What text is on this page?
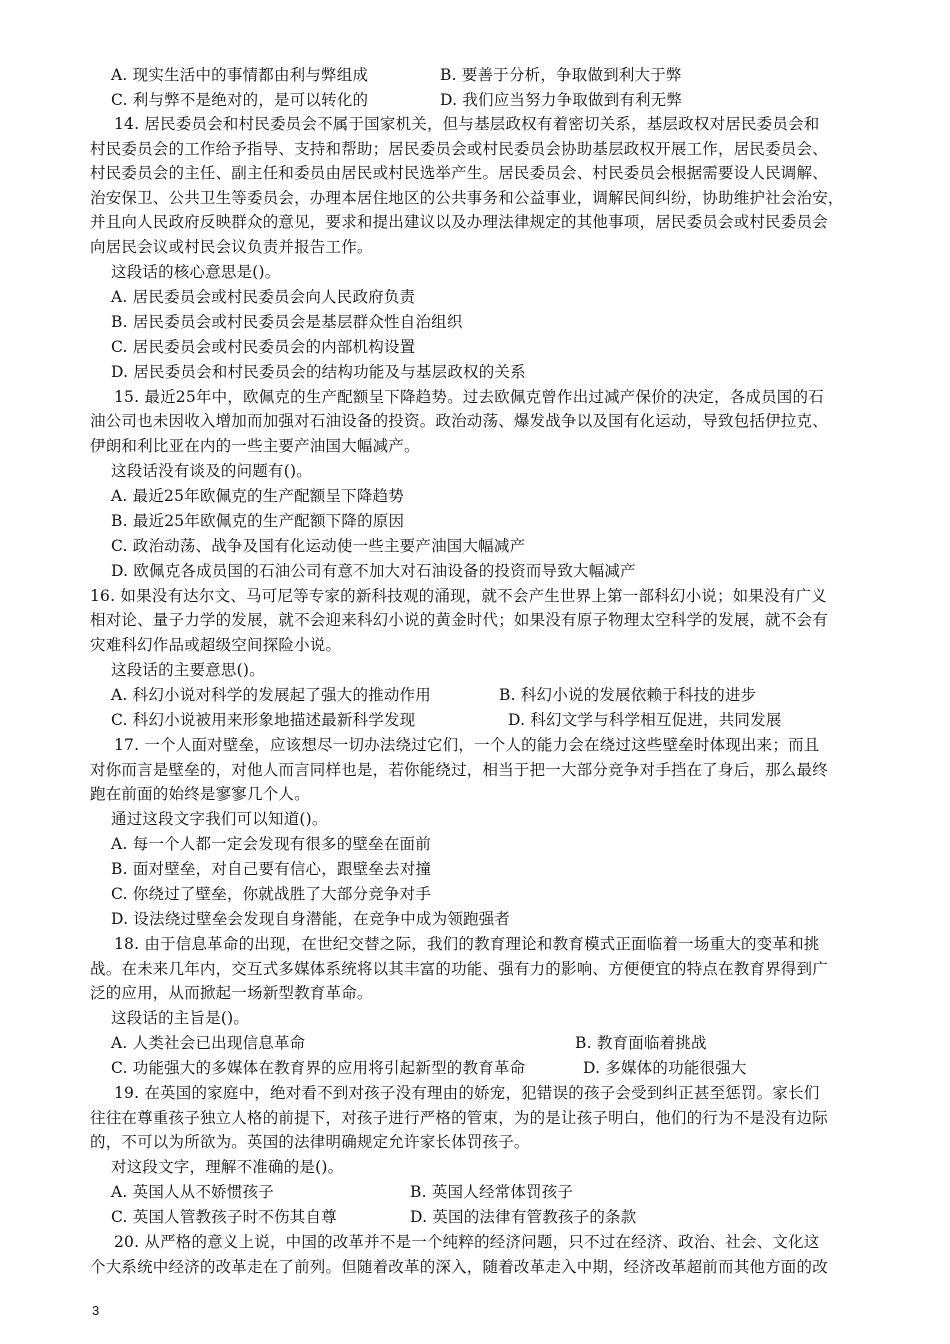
A. 现实生活中的事情都由利与弊组成	B. 要善于分析，争取做到利大于弊
C. 利与弊不是绝对的，是可以转化的	D. 我们应当努力争取做到有利无弊
14. 居民委员会和村民委员会不属于国家机关，但与基层政权有着密切关系，基层政权对居民委员会和
村民委员会的工作给予指导、支持和帮助；居民委员会或村民委员会协助基层政权开展工作，居民委员会、
村民委员会的主任、副主任和委员由居民或村民选举产生。居民委员会、村民委员会根据需要设人民调解、
治安保卫、公共卫生等委员会，办理本居住地区的公共事务和公益事业，调解民间纠纷，协助维护社会治安，
并且向人民政府反映群众的意见，要求和提出建议以及办理法律规定的其他事项，居民委员会或村民委员会
向居民会议或村民会议负责并报告工作。
这段话的核心意思是()。
A. 居民委员会或村民委员会向人民政府负责
B. 居民委员会或村民委员会是基层群众性自治组织
C. 居民委员会或村民委员会的内部机构设置
D. 居民委员会和村民委员会的结构功能及与基层政权的关系
15. 最近25年中，欧佩克的生产配额呈下降趋势。过去欧佩克曾作出过减产保价的决定，各成员国的石
油公司也未因收入增加而加强对石油设备的投资。政治动荡、爆发战争以及国有化运动，导致包括伊拉克、
伊朗和利比亚在内的一些主要产油国大幅减产。
这段话没有谈及的问题有()。
A. 最近25年欧佩克的生产配额呈下降趋势
B. 最近25年欧佩克的生产配额下降的原因
C. 政治动荡、战争及国有化运动使一些主要产油国大幅减产
D. 欧佩克各成员国的石油公司有意不加大对石油设备的投资而导致大幅减产
16. 如果没有达尔文、马可尼等专家的新科技观的涌现，就不会产生世界上第一部科幻小说；如果没有广义
相对论、量子力学的发展，就不会迎来科幻小说的黄金时代；如果没有原子物理太空科学的发展，就不会有
灾难科幻作品或超级空间探险小说。
这段话的主要意思()。
A. 科幻小说对科学的发展起了强大的推动作用	B. 科幻小说的发展依赖于科技的进步
C. 科幻小说被用来形象地描述最新科学发现	D. 科幻文学与科学相互促进，共同发展
17. 一个人面对壁垒，应该想尽一切办法绕过它们，一个人的能力会在绕过这些壁垒时体现出来；而且
对你而言是壁垒的，对他人而言同样也是，若你能绕过，相当于把一大部分竞争对手挡在了身后，那么最终
跑在前面的始终是寥寥几个人。
通过这段文字我们可以知道()。
A. 每一个人都一定会发现有很多的壁垒在面前
B. 面对壁垒，对自己要有信心，跟壁垒去对撞
C. 你绕过了壁垒，你就战胜了大部分竞争对手
D. 设法绕过壁垒会发现自身潜能，在竞争中成为领跑强者
18. 由于信息革命的出现，在世纪交替之际，我们的教育理论和教育模式正面临着一场重大的变革和挑
战。在未来几年内，交互式多媒体系统将以其丰富的功能、强有力的影响、方便便宜的特点在教育界得到广
泛的应用，从而掀起一场新型教育革命。
这段话的主旨是()。
A. 人类社会已出现信息革命	B. 教育面临着挑战
C. 功能强大的多媒体在教育界的应用将引起新型的教育革命	D. 多媒体的功能很强大
19. 在英国的家庭中，绝对看不到对孩子没有理由的娇宠，犯错误的孩子会受到纠正甚至惩罚。家长们
往往在尊重孩子独立人格的前提下，对孩子进行严格的管束，为的是让孩子明白，他们的行为不是没有边际
的，不可以为所欲为。英国的法律明确规定允许家长体罚孩子。
对这段文字，理解不准确的是()。
A. 英国人从不娇惯孩子	B. 英国人经常体罚孩子
C. 英国人管教孩子时不伤其自尊	D. 英国的法律有管教孩子的条款
20. 从严格的意义上说，中国的改革并不是一个纯粹的经济问题，只不过在经济、政治、社会、文化这
个大系统中经济的改革走在了前列。但随着改革的深入，随着改革走入中期，经济改革超前而其他方面的改
3
